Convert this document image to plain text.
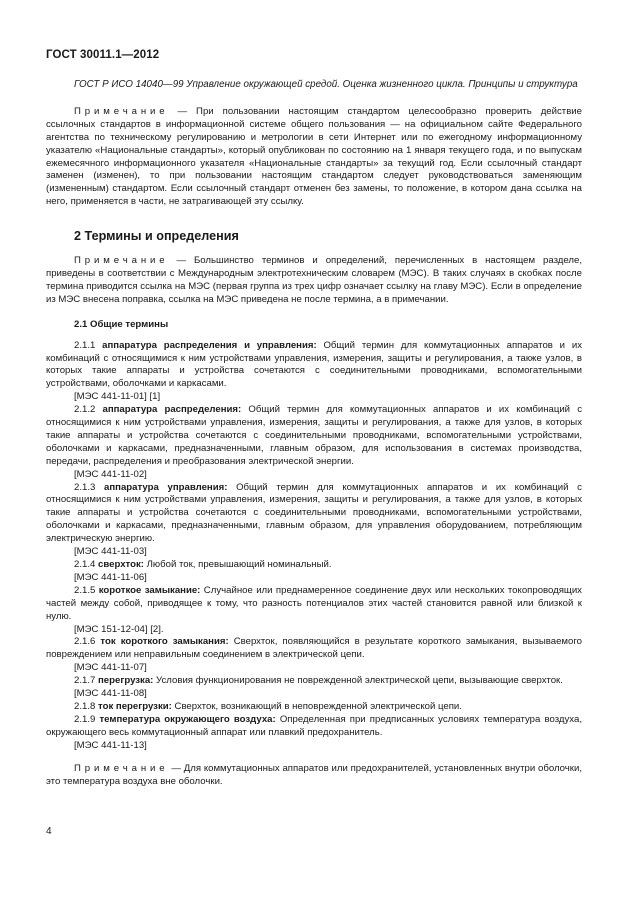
ГОСТ 30011.1—2012

ГОСТ Р ИСО 14040—99 Управление окружающей средой. Оценка жизненного цикла. Принципы и структура

Примечание — При пользовании настоящим стандартом целесообразно проверить действие ссылочных стандартов в информационной системе общего пользования — на официальном сайте Федерального агентства по техническому регулированию и метрологии в сети Интернет или по ежегодному информационному указателю «Национальные стандарты», который опубликован по состоянию на 1 января текущего года, и по выпускам ежемесячного информационного указателя «Национальные стандарты» за текущий год. Если ссылочный стандарт заменен (изменен), то при пользовании настоящим стандартом следует руководствоваться заменяющим (измененным) стандартом. Если ссылочный стандарт отменен без замены, то положение, в котором дана ссылка на него, применяется в части, не затрагивающей эту ссылку.

2 Термины и определения

Примечание — Большинство терминов и определений, перечисленных в настоящем разделе, приведены в соответствии с Международным электротехническим словарем (МЭС). В таких случаях в скобках после термина приводится ссылка на МЭС (первая группа из трех цифр означает ссылку на главу МЭС). Если в определение из МЭС внесена поправка, ссылка на МЭС приведена не после термина, а в примечании.

2.1 Общие термины

2.1.1 аппаратура распределения и управления: Общий термин для коммутационных аппаратов и их комбинаций с относящимися к ним устройствами управления, измерения, защиты и регулирования, а также узлов, в которых такие аппараты и устройства сочетаются с соединительными проводниками, вспомогательными устройствами, оболочками и каркасами.

[МЭС 441-11-01] [1]

2.1.2 аппаратура распределения: Общий термин для коммутационных аппаратов и их комбинаций с относящимися к ним устройствами управления, измерения, защиты и регулирования, а также для узлов, в которых такие аппараты и устройства сочетаются с соединительными проводниками, вспомогательными устройствами, оболочками и каркасами, предназначенными, главным образом, для использования в системах производства, передачи, распределения и преобразования электрической энергии.

[МЭС 441-11-02]

2.1.3 аппаратура управления: Общий термин для коммутационных аппаратов и их комбинаций с относящимися к ним устройствами управления, измерения, защиты и регулирования, а также для узлов, в которых такие аппараты и устройства сочетаются с соединительными проводниками, вспомогательными устройствами, оболочками и каркасами, предназначенными, главным образом, для управления оборудованием, потребляющим электрическую энергию.

[МЭС 441-11-03]

2.1.4 сверхток: Любой ток, превышающий номинальный.

[МЭС 441-11-06]

2.1.5 короткое замыкание: Случайное или преднамеренное соединение двух или нескольких токопроводящих частей между собой, приводящее к тому, что разность потенциалов этих частей становится равной или близкой к нулю.

[МЭС 151-12-04] [2].

2.1.6 ток короткого замыкания: Сверхток, появляющийся в результате короткого замыкания, вызываемого повреждением или неправильным соединением в электрической цепи.

[МЭС 441-11-07]

2.1.7 перегрузка: Условия функционирования не поврежденной электрической цепи, вызывающие сверхток.

[МЭС 441-11-08]

2.1.8 ток перегрузки: Сверхток, возникающий в неповрежденной электрической цепи.

2.1.9 температура окружающего воздуха: Определенная при предписанных условиях температура воздуха, окружающего весь коммутационный аппарат или плавкий предохранитель.

[МЭС 441-11-13]

Примечание — Для коммутационных аппаратов или предохранителей, установленных внутри оболочки, это температура воздуха вне оболочки.

4
